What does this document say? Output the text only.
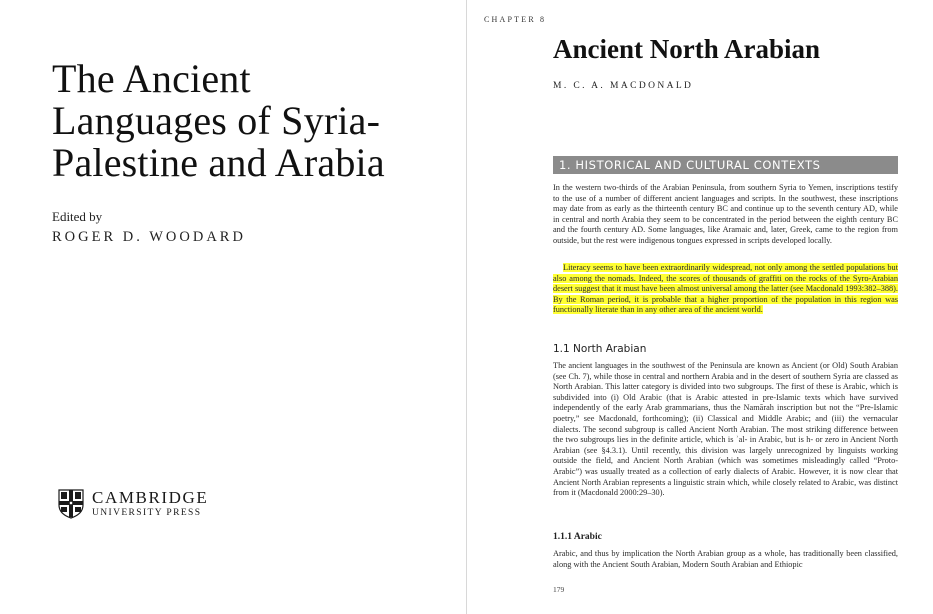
The Ancient
Languages of Syria-
Palestine and Arabia
Edited by
ROGER D. WOODARD
CAMBRIDGE
UNIVERSITY PRESS
CHAPTER 8
Ancient North Arabian
M. C. A. MACDONALD
1. HISTORICAL AND CULTURAL CONTEXTS

In the western two-thirds of the Arabian Peninsula, from southern Syria to Yemen, inscriptions testify to the use of a number of different ancient languages and scripts. In the southwest, these inscriptions may date from as early as the thirteenth century BC and continue up to the seventh century AD, while in central and north Arabia they seem to be concentrated in the period between the eighth century BC and the fourth century AD. Some languages, like Aramaic and, later, Greek, came to the region from outside, but the rest were indigenous tongues expressed in scripts developed locally.

Literacy seems to have been extraordinarily widespread, not only among the settled populations but also among the nomads. Indeed, the scores of thousands of graffiti on the rocks of the Syro-Arabian desert suggest that it must have been almost universal among the latter (see Macdonald 1993:382–388). By the Roman period, it is probable that a higher proportion of the population in this region was functionally literate than in any other area of the ancient world.

1.1 North Arabian

The ancient languages in the southwest of the Peninsula are known as Ancient (or Old) South Arabian (see Ch. 7), while those in central and northern Arabia and in the desert of southern Syria are classed as North Arabian. This latter category is divided into two subgroups. The first of these is Arabic, which is subdivided into (i) Old Arabic (that is Arabic attested in pre-Islamic texts which have survived independently of the early Arab grammarians, thus the Namārah inscription but not the “Pre-Islamic poetry,” see Macdonald, forthcoming); (ii) Classical and Middle Arabic; and (iii) the vernacular dialects. The second subgroup is called Ancient North Arabian. The most striking difference between the two subgroups lies in the definite article, which is ʾal- in Arabic, but is h- or zero in Ancient North Arabian (see §4.3.1). Until recently, this division was largely unrecognized by linguists working outside the field, and Ancient North Arabian (which was sometimes misleadingly called “Proto-Arabic”) was usually treated as a collection of early dialects of Arabic. However, it is now clear that Ancient North Arabian represents a linguistic strain which, while closely related to Arabic, was distinct from it (Macdonald 2000:29–30).

1.1.1 Arabic

Arabic, and thus by implication the North Arabian group as a whole, has traditionally been classified, along with the Ancient South Arabian, Modern South Arabian and Ethiopic

179
